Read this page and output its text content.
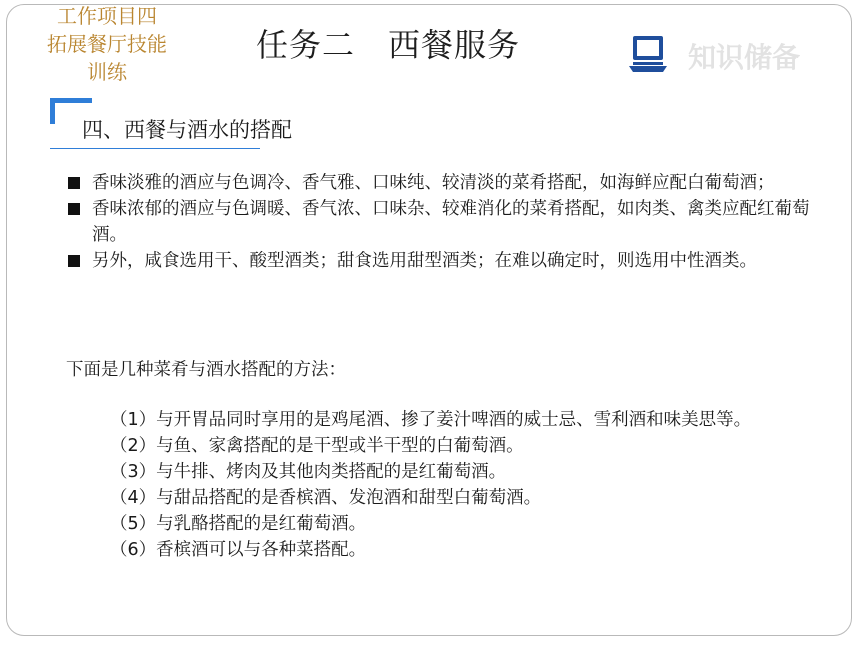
工作项目四
拓展餐厅技能
训练
任务二　西餐服务	知识储备
四、西餐与酒水的搭配
香味淡雅的酒应与色调冷、香气雅、口味纯、较清淡的菜肴搭配，如海鲜应配白葡萄酒；
香味浓郁的酒应与色调暖、香气浓、口味杂、较难消化的菜肴搭配，如肉类、禽类应配红葡萄酒。
另外，咸食选用干、酸型酒类；甜食选用甜型酒类；在难以确定时，则选用中性酒类。
下面是几种菜肴与酒水搭配的方法：
（1）与开胃品同时享用的是鸡尾酒、掺了姜汁啤酒的威士忌、雪利酒和味美思等。
（2）与鱼、家禽搭配的是干型或半干型的白葡萄酒。
（3）与牛排、烤肉及其他肉类搭配的是红葡萄酒。
（4）与甜品搭配的是香槟酒、发泡酒和甜型白葡萄酒。
（5）与乳酪搭配的是红葡萄酒。
（6）香槟酒可以与各种菜搭配。
